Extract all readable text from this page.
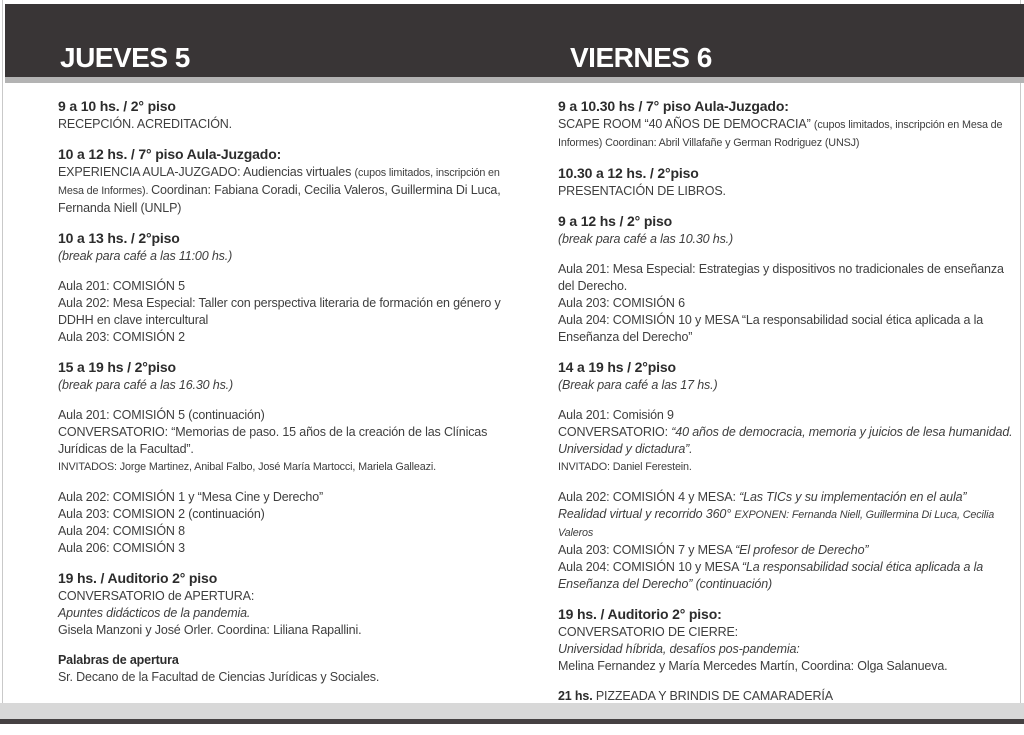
JUEVES 5	VIERNES 6

9 a 10 hs. / 2° piso

RECEPCIÓN. ACREDITACIÓN.

10 a 12 hs. / 7° piso Aula-Juzgado:

EXPERIENCIA AULA-JUZGADO: Audiencias virtuales (cupos limitados, inscripción en Mesa de Informes). Coordinan: Fabiana Coradi, Cecilia Valeros, Guillermina Di Luca, Fernanda Niell (UNLP)

10 a 13 hs. / 2°piso

(break para café a las 11:00 hs.)

Aula 201: COMISIÓN 5

Aula 202: Mesa Especial: Taller con perspectiva literaria de formación en género y DDHH en clave intercultural

Aula 203: COMISIÓN 2

15 a 19 hs / 2°piso

(break para café a las 16.30 hs.)

Aula 201: COMISIÓN 5 (continuación)

CONVERSATORIO: “Memorias de paso. 15 años de la creación de las Clínicas Jurídicas de la Facultad”.

INVITADOS: Jorge Martinez, Anibal Falbo, José María Martocci, Mariela Galleazi.

Aula 202: COMISIÓN 1 y “Mesa Cine y Derecho”

Aula 203: COMISION 2 (continuación)

Aula 204: COMISIÓN 8

Aula 206: COMISIÓN 3

19 hs. / Auditorio 2° piso

CONVERSATORIO de APERTURA:

Apuntes didácticos de la pandemia.

Gisela Manzoni y José Orler. Coordina: Liliana Rapallini.

Palabras de apertura

Sr. Decano de la Facultad de Ciencias Jurídicas y Sociales.

9 a 10.30 hs / 7° piso Aula-Juzgado:

SCAPE ROOM “40 AÑOS DE DEMOCRACIA” (cupos limitados, inscripción en Mesa de Informes) Coordinan: Abril Villafañe y German Rodriguez (UNSJ)

10.30 a 12 hs. / 2°piso

PRESENTACIÓN DE LIBROS.

9 a 12 hs / 2° piso

(break para café a las 10.30 hs.)

Aula 201: Mesa Especial: Estrategias y dispositivos no tradicionales de enseñanza del Derecho.

Aula 203: COMISIÓN 6

Aula 204: COMISIÓN 10 y MESA “La responsabilidad social ética aplicada a la Enseñanza del Derecho”

14 a 19 hs / 2°piso

(Break para café a las 17 hs.)

Aula 201: Comisión 9

CONVERSATORIO: “40 años de democracia, memoria y juicios de lesa humanidad. Universidad y dictadura”.

INVITADO: Daniel Ferestein.

Aula 202: COMISIÓN 4 y MESA: “Las TICs y su implementación en el aula”

Realidad virtual y recorrido 360° EXPONEN: Fernanda Niell, Guillermina Di Luca, Cecilia Valeros

Aula 203: COMISIÓN 7 y MESA “El profesor de Derecho”

Aula 204: COMISIÓN 10 y MESA “La responsabilidad social ética aplicada a la Enseñanza del Derecho” (continuación)

19 hs. / Auditorio 2° piso:

CONVERSATORIO DE CIERRE:

Universidad híbrida, desafíos pos-pandemia:

Melina Fernandez y María Mercedes Martín, Coordina: Olga Salanueva.

21 hs. PIZZEADA Y BRINDIS DE CAMARADERÍA
